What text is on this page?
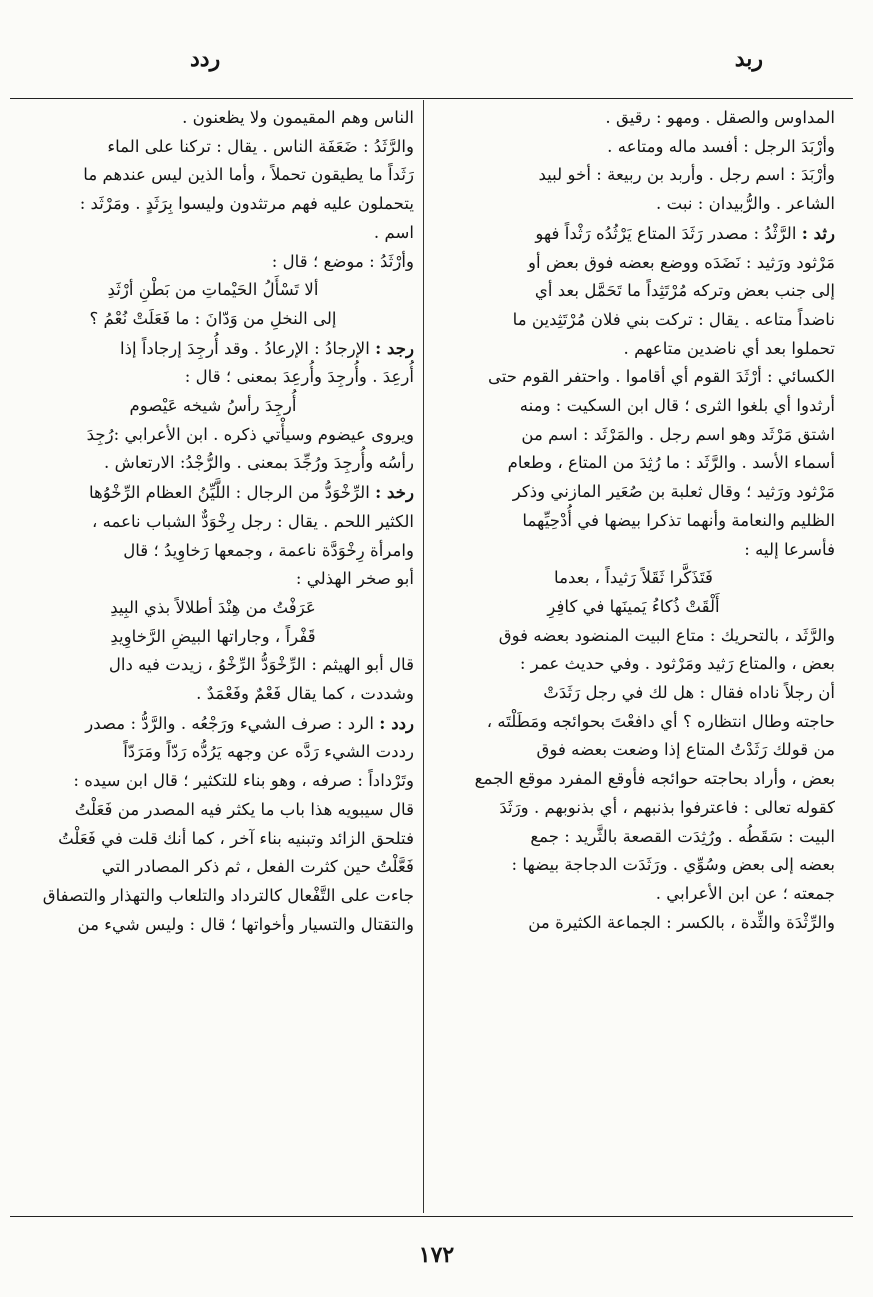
ربد
ردد

المداوس والصقل . ومهو : رقيق .

وأرْبَدَ الرجل : أفسد ماله ومتاعه .

وأرْبَدَ : اسم رجل . وأربد بن ربيعة : أخو لبيد

الشاعر . والرُّبيدان : نبت .

رثد : الرَّثْدُ : مصدر رَثَدَ المتاع يَرْثُدُه رَثْداً فهو

مَرْثود ورَثيد : نَضَدَه ووضع بعضه فوق بعض أو

إلى جنب بعض وتركه مُرْتَثِداً ما تَحَمَّل بعد أي

ناضداً متاعه . يقال : تركت بني فلان مُرْتَثِدين ما

تحملوا بعد أي ناضدين متاعهم .

الكسائي : أرْثَدَ القوم أي أقاموا . واحتفر القوم حتى

أرثدوا أي بلغوا الثرى ؛ قال ابن السكيت : ومنه

اشتق مَرْثَد وهو اسم رجل . والمَرْثَد : اسم من

أسماء الأسد . والرَّثَد : ما رُثِدَ من المتاع ، وطعام

مَرْثود ورَثيد ؛ وقال ثعلبة بن صُعَير المازني وذكر

الظليم والنعامة وأنهما تذكرا بيضها في أُدْحِيِّهما

فأسرعا إليه :

فَتَذَكَّرا ثَقَلاً رَثيداً ، بعدما

أَلْقَتْ ذُكاءُ يَمينَها في كافِرِ

والرَّثَد ، بالتحريك : متاع البيت المنضود بعضه فوق

بعض ، والمتاع رَثيد ومَرْثود . وفي حديث عمر :

أن رجلاً ناداه فقال : هل لك في رجل رَثَدَتْ

حاجته وطال انتظاره ؟ أي دافعْتَ بحوائجه ومَطَلْتَه ،

من قولك رَثَدْتُ المتاع إذا وضعت بعضه فوق

بعض ، وأراد بحاجته حوائجه فأوقع المفرد موقع الجمع

كقوله تعالى : فاعترفوا بذنبهم ، أي بذنوبهم . ورَثَدَ

البيت : سَقَطُه . ورُثِدَت القصعة بالثَّريد : جمع

بعضه إلى بعض وسُوِّي . ورَثَدَت الدجاجة بيضها :

جمعته ؛ عن ابن الأعرابي .

والرِّثْدَة والثِّدة ، بالكسر : الجماعة الكثيرة من

الناس وهم المقيمون ولا يظعنون .

والرَّثَدُ : ضَعَفَة الناس . يقال : تركنا على الماء

رَثَداً ما يطيقون تحملاً ، وأما الذين ليس عندهم ما

يتحملون عليه فهم مرتثدون وليسوا بِرَثَدٍ . ومَرْثَد :

اسم .

وأرْثَدُ : موضع ؛ قال :

ألا تَسْأَلُ الحَيْماتِ من بَطْنِ أرْثَدِ

إلى النخلِ من وَدّانَ : ما فَعَلَتْ نُعْمُ ؟

رجد : الإرجادُ : الإرعادُ . وقد أُرجِدَ إرجاداً إذا

أُرعِدَ . وأُرجِدَ وأُرعِدَ بمعنى ؛ قال :

أُرجِدَ رأسُ شيخه عَيْصوم

ويروى عيضوم وسيأْتي ذكره . ابن الأعرابي :رُجِدَ

رأسُه وأُرجِدَ ورُجِّدَ بمعنى . والرُّجْدُ: الارتعاش .

رخد : الرِّخْوَدُّ من الرجال : اللَّيِّنُ العظام الرِّخْوُها

الكثير اللحم . يقال : رجل رِخْوَدٌّ الشباب ناعمه ،

وامرأة رِخْوَدَّة ناعمة ، وجمعها رَخاوِيدُ ؛ قال

أبو صخر الهذلي :

عَرَفْتُ من هِنْدَ أطلالاً بذي البِيدِ

قَفْراً ، وجاراتها البيضِ الرَّخاوِيدِ

قال أبو الهيثم : الرِّخْوَدُّ الرِّخْوُ ، زيدت فيه دال

وشددت ، كما يقال فَعْمٌ وفَعْمَدٌ .

ردد : الرد : صرف الشيء ورَجْعُه . والرَّدُّ : مصدر

رددت الشيء رَدَّه عن وجهه يَرُدُّه رَدّاً ومَرَدّاً

وتَرْداداً : صرفه ، وهو بناء للتكثير ؛ قال ابن سيده :

قال سيبويه هذا باب ما يكثر فيه المصدر من فَعَلْتُ

فتلحق الزائد وتبنيه بناء آخر ، كما أنك قلت في فَعَلْتُ

فَعَّلْتُ حين كثرت الفعل ، ثم ذكر المصادر التي

جاءت على التَّفْعال كالترداد والتلعاب والتهذار والتصفاق

والتقتال والتسيار وأخواتها ؛ قال : وليس شيء من

١٧٢
